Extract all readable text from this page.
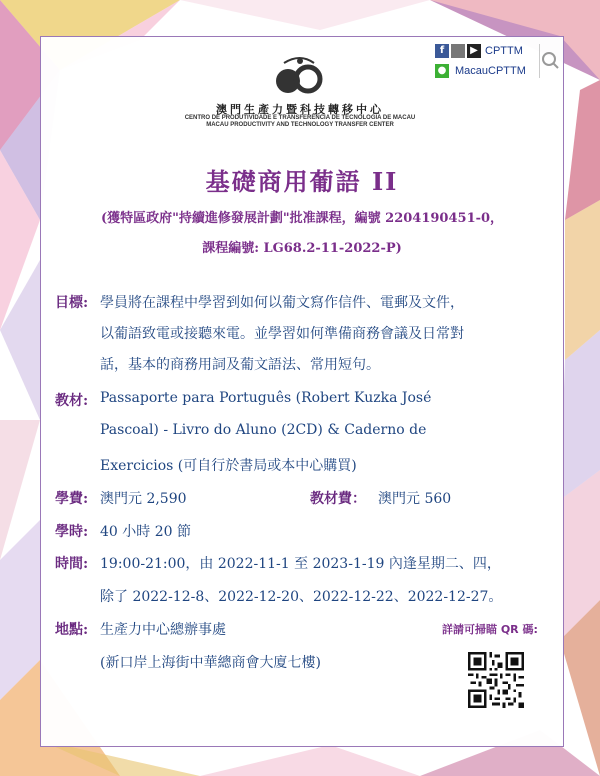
f	▶ CPTTM
● MacauCPTTM
澳門生產力暨科技轉移中心
CENTRO DE PRODUTIVIDADE E TRANSFERÊNCIA DE TECNOLOGIA DE MACAU
MACAU PRODUCTIVITY AND TECHNOLOGY TRANSFER CENTER
基礎商用葡語 II
(獲特區政府"持續進修發展計劃"批准課程，編號 2204190451-0，
課程編號: LG68.2-11-2022-P)
目標: 學員將在課程中學習到如何以葡文寫作信件、電郵及文件，
以葡語致電或接聽來電。並學習如何準備商務會議及日常對
話，基本的商務用詞及葡文語法、常用短句。
教材: Passaporte para Português (Robert Kuzka José
Pascoal) - Livro do Aluno (2CD) & Caderno de
Exercicios (可自行於書局或本中心購買)
學費: 澳門元 2,590	教材費： 澳門元 560
學時: 40 小時 20 節
時間: 19:00-21:00，由 2022-11-1 至 2023-1-19 內逢星期二、四，
除了 2022-12-8、2022-12-20、2022-12-22、2022-12-27。
地點: 生產力中心總辦事處
(新口岸上海街中華總商會大廈七樓)
詳請可掃瞄 QR 碼:
